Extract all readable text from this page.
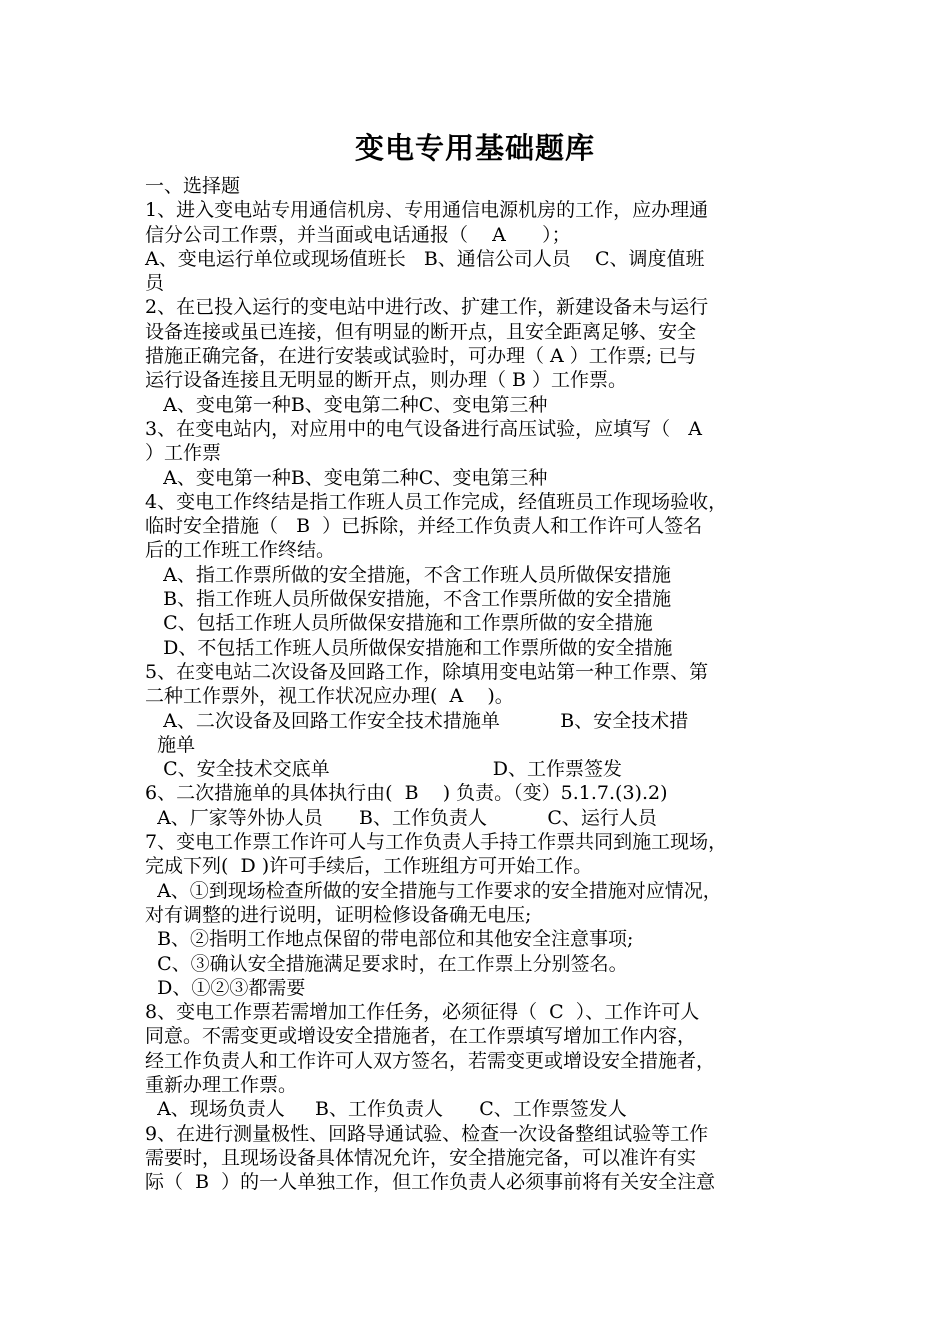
变电专用基础题库
一、选择题
1、进入变电站专用通信机房、专用通信电源机房的工作，应办理通
信分公司工作票，并当面或电话通报（    A      ）；
A、变电运行单位或现场值班长   B、通信公司人员    C、调度值班
员
2、在已投入运行的变电站中进行改、扩建工作，新建设备未与运行
设备连接或虽已连接，但有明显的断开点，且安全距离足够、安全
措施正确完备，在进行安装或试验时，可办理（ A ）工作票; 已与
运行设备连接且无明显的断开点，则办理（ B ）工作票。
A、变电第一种B、变电第二种C、变电第三种
3、在变电站内，对应用中的电气设备进行高压试验，应填写（   A
）工作票
A、变电第一种B、变电第二种C、变电第三种
4、变电工作终结是指工作班人员工作完成，经值班员工作现场验收，
临时安全措施（   B  ）已拆除，并经工作负责人和工作许可人签名
后的工作班工作终结。
A、指工作票所做的安全措施，不含工作班人员所做保安措施
B、指工作班人员所做保安措施，不含工作票所做的安全措施
C、包括工作班人员所做保安措施和工作票所做的安全措施
D、不包括工作班人员所做保安措施和工作票所做的安全措施
5、在变电站二次设备及回路工作，除填用变电站第一种工作票、第
二种工作票外，视工作状况应办理(  A    )。
A、二次设备及回路工作安全技术措施单          B、安全技术措
施单
C、安全技术交底单                           D、工作票签发
6、二次措施单的具体执行由(  B    ) 负责。（变）5.1.7.(3).2)
A、厂家等外协人员      B、工作负责人          C、运行人员
7、变电工作票工作许可人与工作负责人手持工作票共同到施工现场，
完成下列(  D )许可手续后，工作班组方可开始工作。
A、①到现场检查所做的安全措施与工作要求的安全措施对应情况，
对有调整的进行说明，证明检修设备确无电压;
B、②指明工作地点保留的带电部位和其他安全注意事项;
C、③确认安全措施满足要求时，在工作票上分别签名。
D、①②③都需要
8、变电工作票若需增加工作任务，必须征得（  C  ）、工作许可人
同意。不需变更或增设安全措施者，在工作票填写增加工作内容，
经工作负责人和工作许可人双方签名，若需变更或增设安全措施者，
重新办理工作票。
A、现场负责人     B、工作负责人      C、工作票签发人
9、在进行测量极性、回路导通试验、检查一次设备整组试验等工作
需要时，且现场设备具体情况允许，安全措施完备，可以准许有实
际（  B  ）的一人单独工作，但工作负责人必须事前将有关安全注意
